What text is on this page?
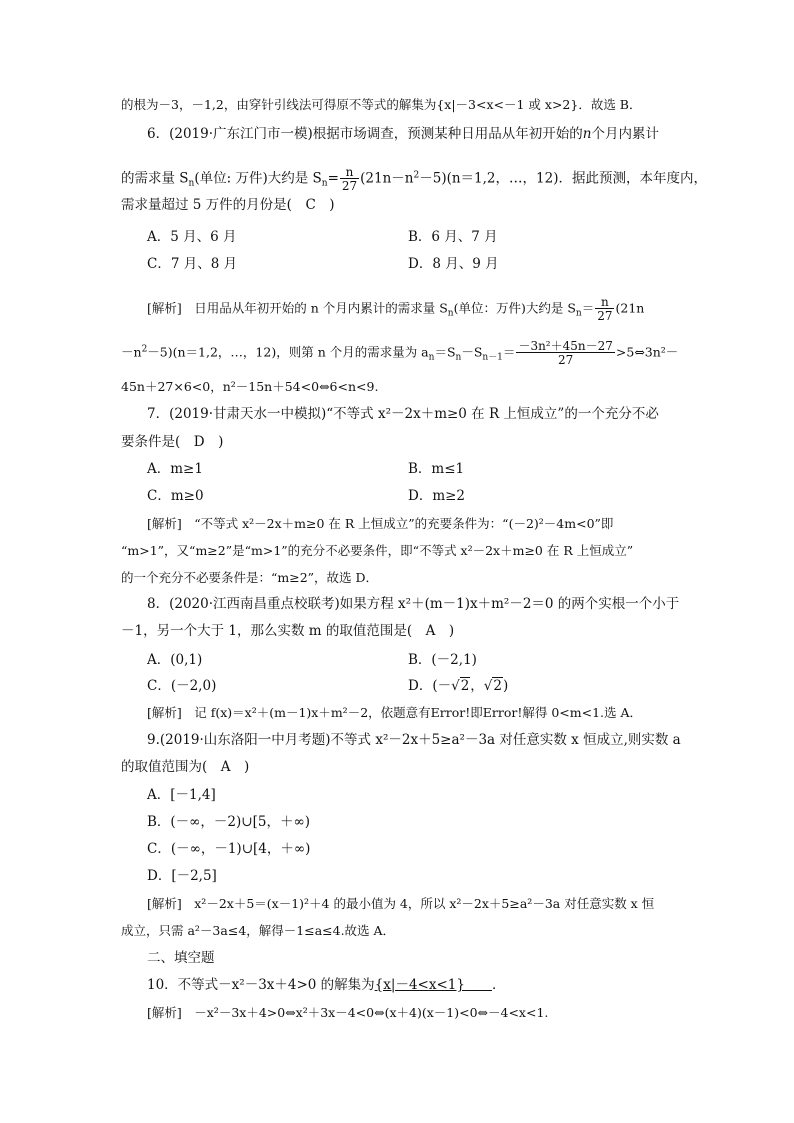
的根为－3，－1,2，由穿针引线法可得原不等式的解集为{x|－3<x<－1 或 x>2}．故选 B．
6．(2019·广东江门市一模)根据市场调查，预测某种日用品从年初开始的n个月内累计
的需求量 $S_n$(单位: 万件)大约是 $S_n= \frac{n}{27} (21n-n^2-5)(n=1,2$，…，12)．据此预测，本年度内，
需求量超过 5 万件的月份是(　C　)
A．5 月、6 月	B．6 月、7 月
C．7 月、8 月	D．8 月、9 月
[解析]　日用品从年初开始的 n 个月内累计的需求量 $S_n$(单位：万件)大约是 $S_n= \frac{n}{27} (21n$
$-n^2-5)(n=1,2$，…，12)，则第 n 个月的需求量为 $a_n=S_n-S_{n-1}= \frac{\text{－3n²＋45n－27}}{27}$ >5⇔3n²－
45n＋27×6<0，n²－15n＋54<0⇔6<n<9.
7．(2019·甘肃天水一中模拟)“不等式 x²－2x＋m≥0 在 R 上恒成立”的一个充分不必
要条件是(　D　)
A．m≥1	B．m≤1
C．m≥0	D．m≥2
[解析]　“不等式 x²－2x＋m≥0 在 R 上恒成立”的充要条件为：“(－2)²－4m<0”即
“m>1”，又“m≥2”是“m>1”的充分不必要条件，即“不等式 x²－2x＋m≥0 在 R 上恒成立”
的一个充分不必要条件是：“m≥2”，故选 D．
8．(2020·江西南昌重点校联考)如果方程 x²＋(m－1)x＋m²－2＝0 的两个实根一个小于
－1，另一个大于 1，那么实数 m 的取值范围是(　A　)
A．(0,1)	B．(－2,1)
C．(－2,0)	D．(－√2，√2)
[解析]　记 f(x)＝x²＋(m－1)x＋m²－2，依题意有Error!即Error!解得 0<m<1.选 A．
9.(2019·山东洛阳一中月考题)不等式 x²－2x＋5≥a²－3a 对任意实数 x 恒成立,则实数 a
的取值范围为(　A　)
A．[－1,4]
B．(－∞，－2)∪[5，＋∞)
C．(－∞，－1)∪[4，＋∞)
D．[－2,5]
[解析]　x²－2x＋5＝(x－1)²＋4 的最小值为 4，所以 x²－2x＋5≥a²－3a 对任意实数 x 恒
成立，只需 a²－3a≤4，解得－1≤a≤4.故选 A．
二、填空题
10．不等式－x²－3x＋4>0 的解集为{x|－4<x<1}   ．
[解析]　－x²－3x＋4>0⇔x²＋3x－4<0⇔(x＋4)(x－1)<0⇔－4<x<1.
